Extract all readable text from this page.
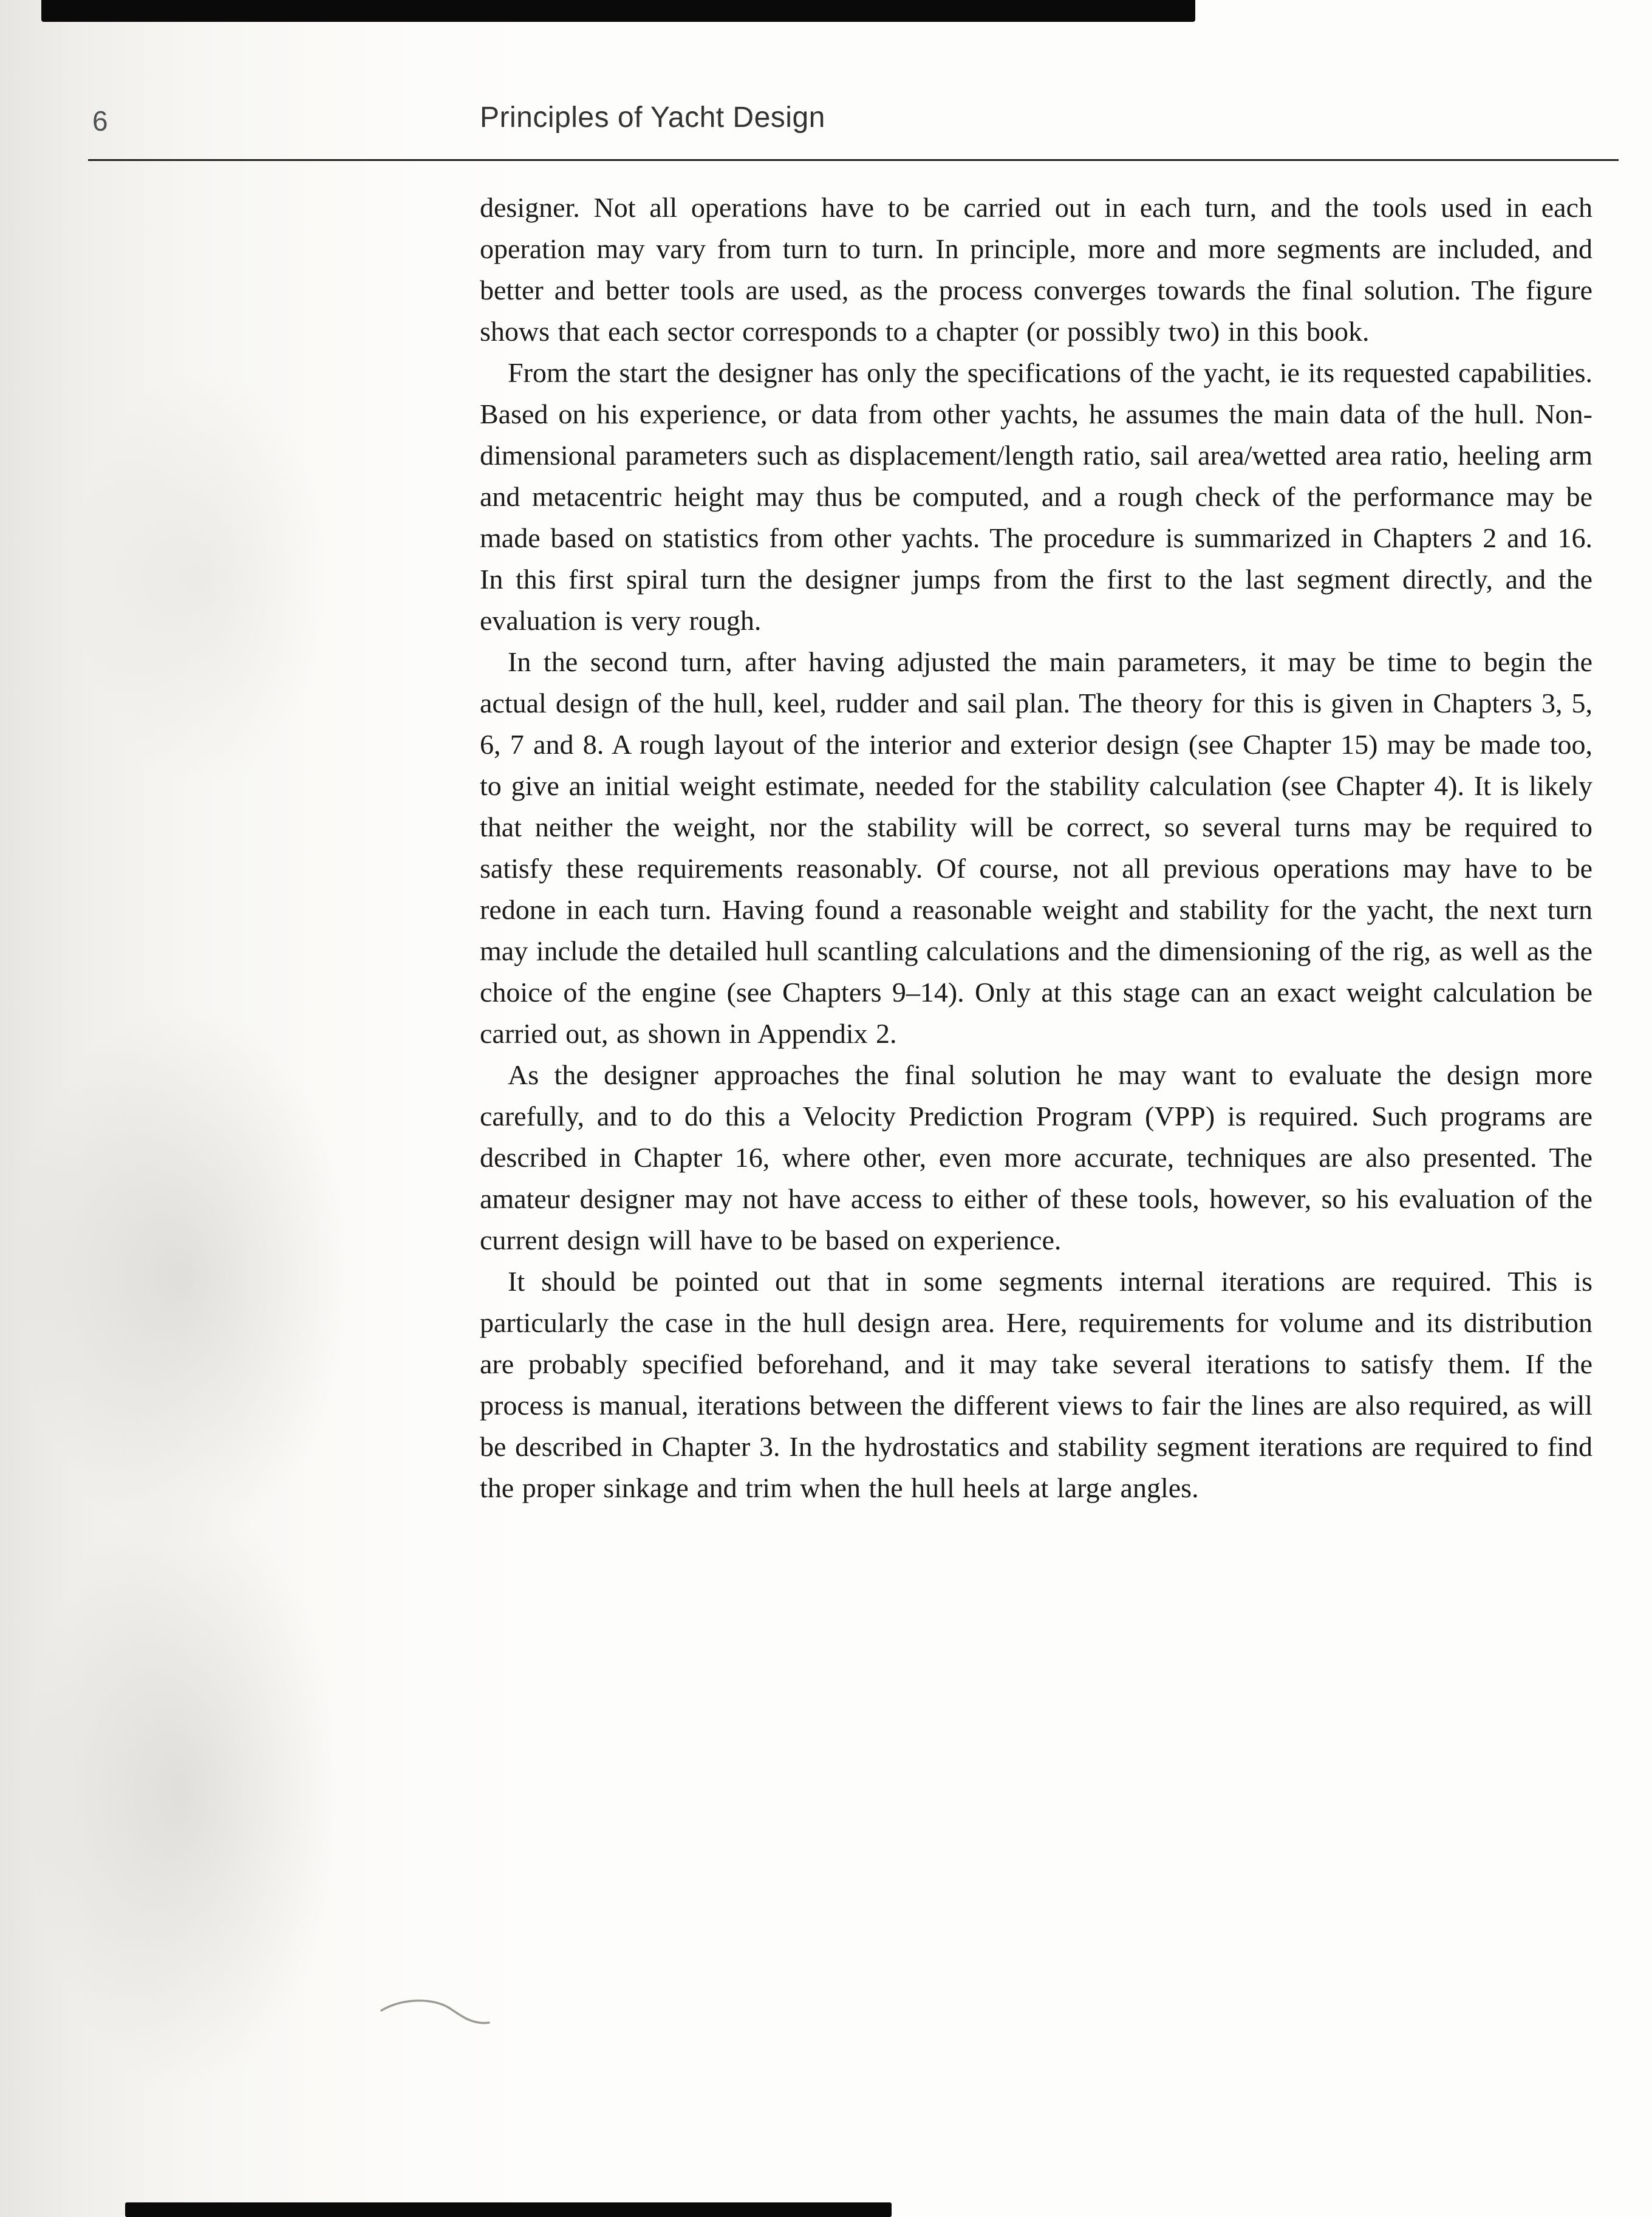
6	Principles of Yacht Design

designer. Not all operations have to be carried out in each turn, and the tools used in each operation may vary from turn to turn. In principle, more and more segments are included, and better and better tools are used, as the process converges towards the final solution. The figure shows that each sector corresponds to a chapter (or possibly two) in this book.

From the start the designer has only the specifications of the yacht, ie its requested capabilities. Based on his experience, or data from other yachts, he assumes the main data of the hull. Non-dimensional parameters such as displacement/length ratio, sail area/wetted area ratio, heeling arm and metacentric height may thus be computed, and a rough check of the performance may be made based on statistics from other yachts. The procedure is summarized in Chapters 2 and 16. In this first spiral turn the designer jumps from the first to the last segment directly, and the evaluation is very rough.

In the second turn, after having adjusted the main parameters, it may be time to begin the actual design of the hull, keel, rudder and sail plan. The theory for this is given in Chapters 3, 5, 6, 7 and 8. A rough layout of the interior and exterior design (see Chapter 15) may be made too, to give an initial weight estimate, needed for the stability calculation (see Chapter 4). It is likely that neither the weight, nor the stability will be correct, so several turns may be required to satisfy these requirements reasonably. Of course, not all previous operations may have to be redone in each turn. Having found a reasonable weight and stability for the yacht, the next turn may include the detailed hull scantling calculations and the dimensioning of the rig, as well as the choice of the engine (see Chapters 9–14). Only at this stage can an exact weight calculation be carried out, as shown in Appendix 2.

As the designer approaches the final solution he may want to evaluate the design more carefully, and to do this a Velocity Prediction Program (VPP) is required. Such programs are described in Chapter 16, where other, even more accurate, techniques are also presented. The amateur designer may not have access to either of these tools, however, so his evaluation of the current design will have to be based on experience.

It should be pointed out that in some segments internal iterations are required. This is particularly the case in the hull design area. Here, requirements for volume and its distribution are probably specified beforehand, and it may take several iterations to satisfy them. If the process is manual, iterations between the different views to fair the lines are also required, as will be described in Chapter 3. In the hydrostatics and stability segment iterations are required to find the proper sinkage and trim when the hull heels at large angles.
